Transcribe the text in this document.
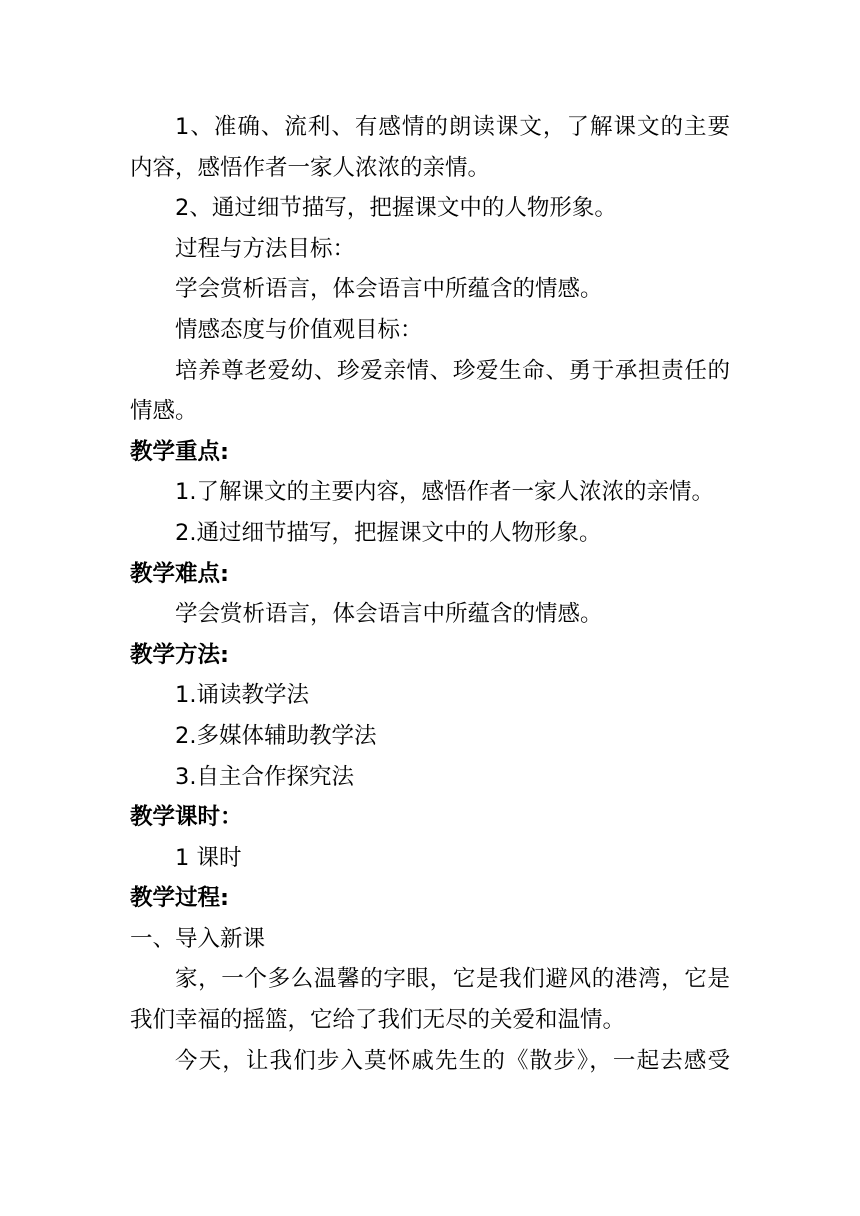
1、准确、流利、有感情的朗读课文，了解课文的主要
内容，感悟作者一家人浓浓的亲情。
2、通过细节描写，把握课文中的人物形象。
过程与方法目标：
学会赏析语言，体会语言中所蕴含的情感。
情感态度与价值观目标：
培养尊老爱幼、珍爱亲情、珍爱生命、勇于承担责任的
情感。
教学重点:
1.了解课文的主要内容，感悟作者一家人浓浓的亲情。
2.通过细节描写，把握课文中的人物形象。
教学难点:
学会赏析语言，体会语言中所蕴含的情感。
教学方法:
1.诵读教学法
2.多媒体辅助教学法
3.自主合作探究法
教学课时：
1 课时
教学过程:
一、导入新课
家，一个多么温馨的字眼，它是我们避风的港湾，它是
我们幸福的摇篮，它给了我们无尽的关爱和温情。
今天，让我们步入莫怀戚先生的《散步》，一起去感受
